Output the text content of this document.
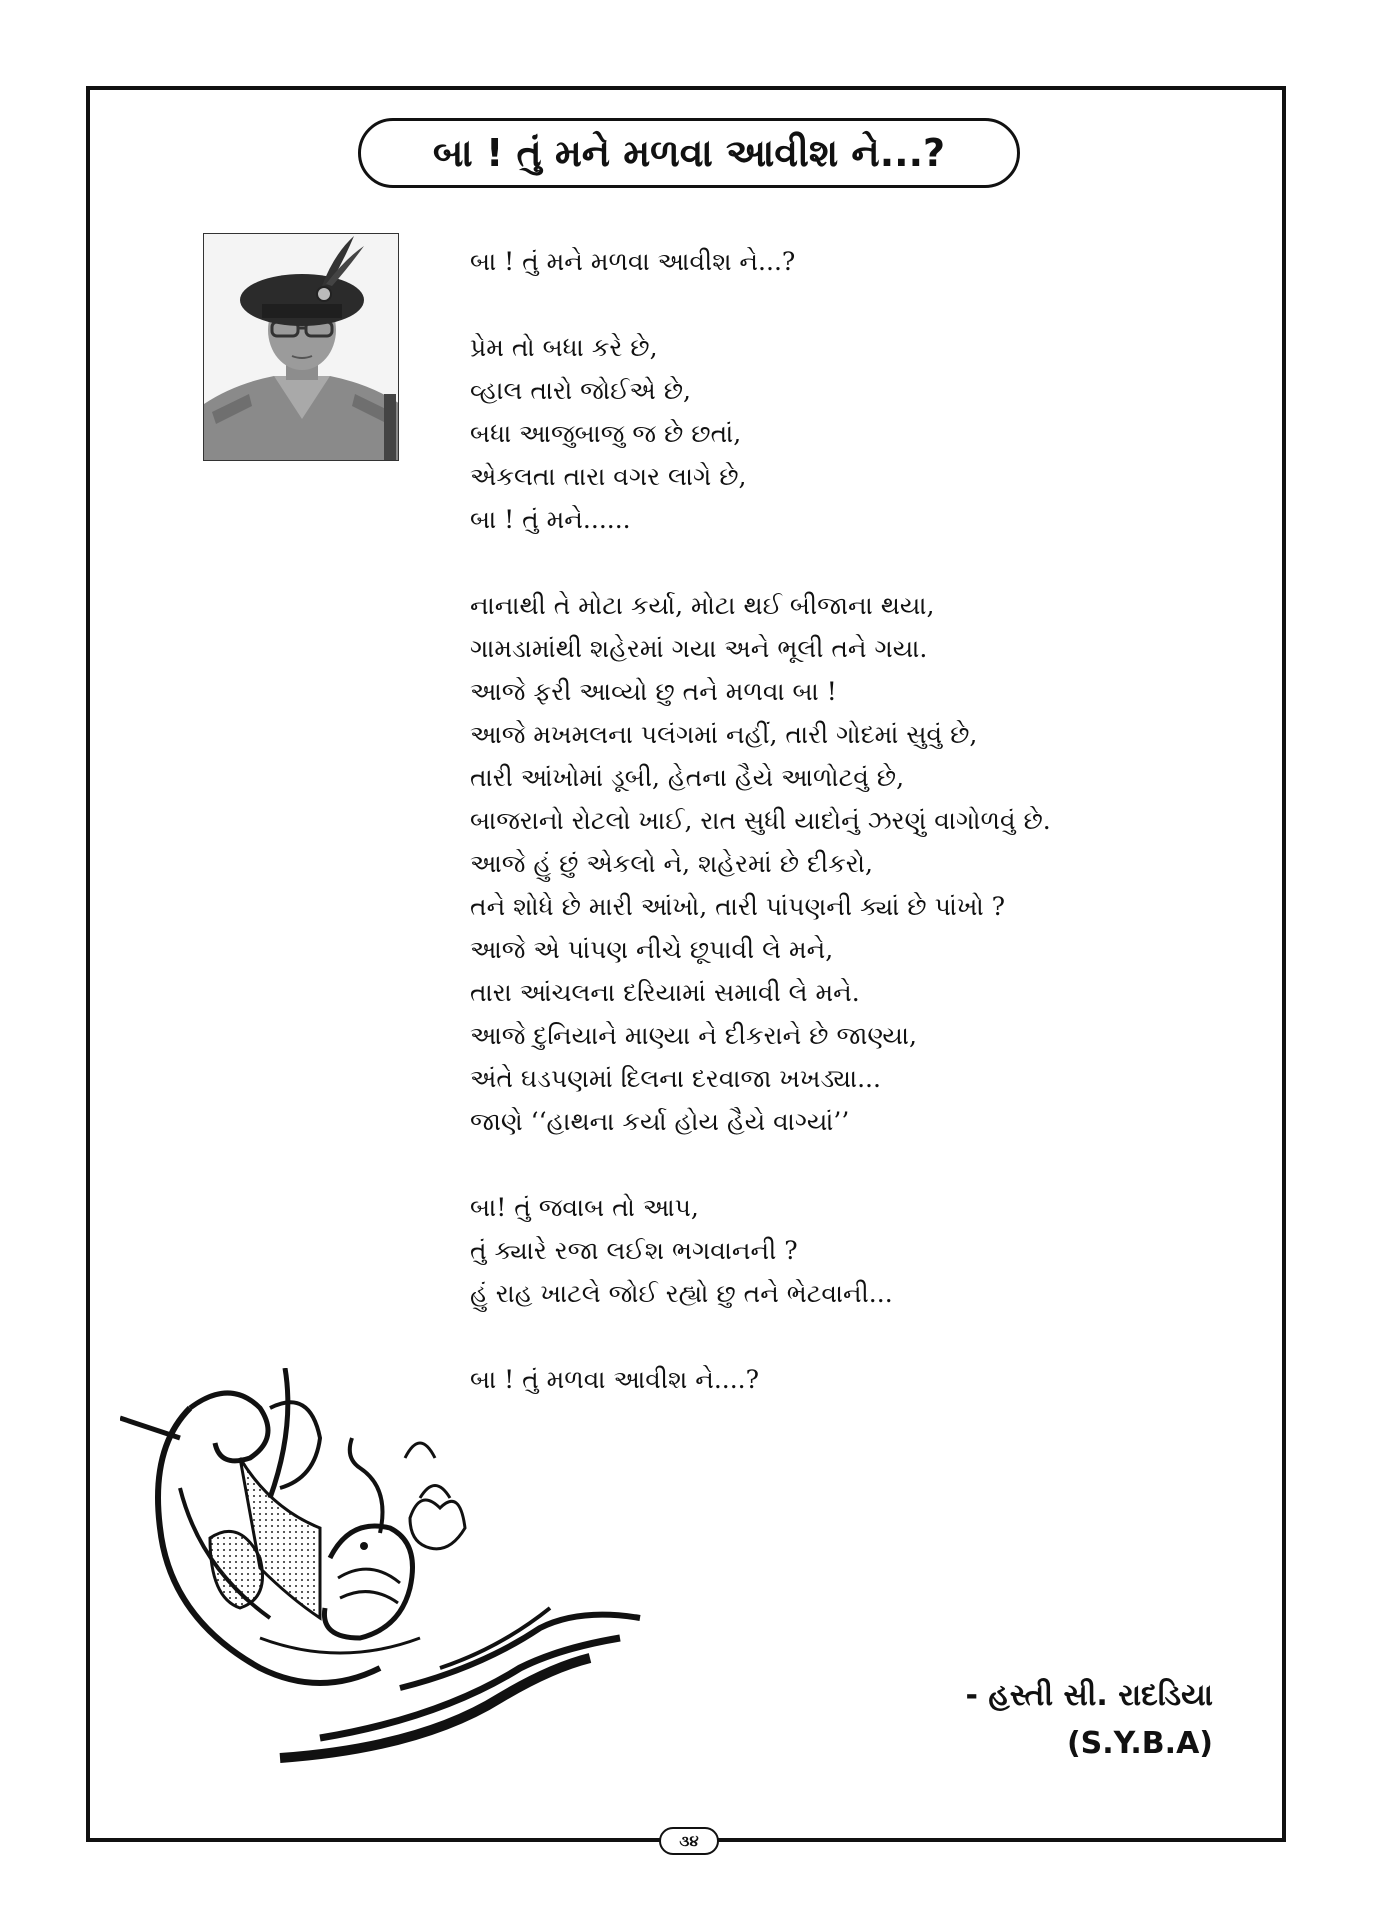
બા ! તું મને મળવા આવીશ ને...?
બા ! તું મને મળવા આવીશ ને...?
પ્રેમ તો બધા કરે છે,
વ્હાલ તારો જોઈએ છે,
બધા આજુબાજુ જ છે છતાં,
એકલતા તારા વગર લાગે છે,
બા ! તું મને......
નાનાથી તે મોટા કર્યા, મોટા થઈ બીજાના થયા,
ગામડામાંથી શહેરમાં ગયા અને ભૂલી તને ગયા.
આજે ફરી આવ્યો છુ તને મળવા બા !
આજે મખમલના પલંગમાં નહીં, તારી ગોદમાં સુવું છે,
તારી આંખોમાં ડૂબી, હેતના હૈયે આળોટવું છે,
બાજરાનો રોટલો ખાઈ, રાત સુધી યાદોનું ઝરણું વાગોળવું છે.
આજે હું છું એકલો ને, શહેરમાં છે દીકરો,
તને શોધે છે મારી આંખો, તારી પાંપણની ક્યાં છે પાંખો ?
આજે એ પાંપણ નીચે છૂપાવી લે મને,
તારા આંચલના દરિયામાં સમાવી લે મને.
આજે દુનિયાને માણ્યા ને દીકરાને છે જાણ્યા,
અંતે ઘડપણમાં દિલના દરવાજા ખખડ્યા...
જાણે ‘‘હાથના કર્યા હોય હૈયે વાગ્યાં’’
બા! તું જવાબ તો આપ,
તું ક્યારે રજા લઈશ ભગવાનની ?
હું રાહ ખાટલે જોઈ રહ્યો છુ તને ભેટવાની...
બા ! તું મળવા આવીશ ને....?
- હસ્તી સી. રાદડિયા
(S.Y.B.A)
૩૪
